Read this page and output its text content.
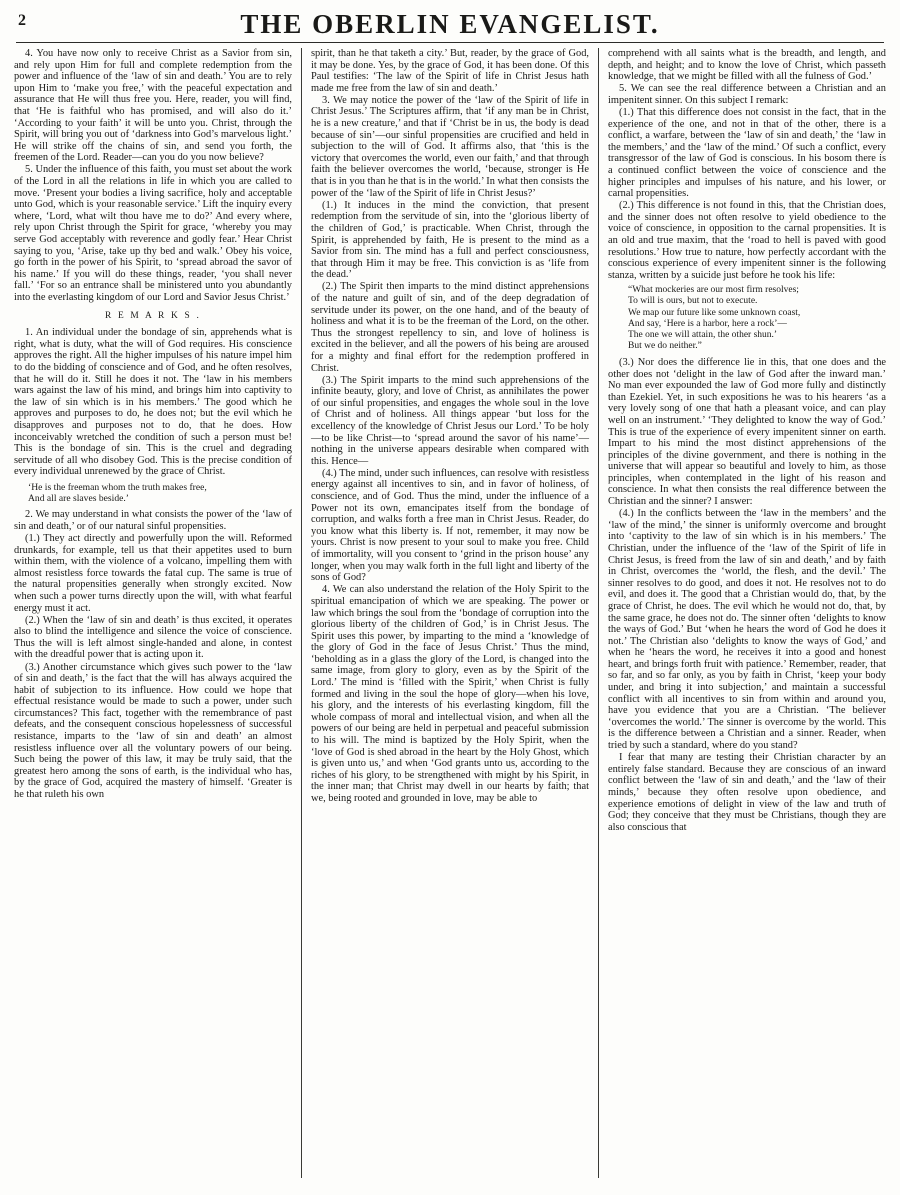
2	THE OBERLIN EVANGELIST.

4. You have now only to receive Christ as a Savior from sin, and rely upon Him for full and complete redemption from the power and influence of the ‘law of sin and death.’ You are to rely upon Him to ‘make you free,’ with the peaceful expectation and assurance that He will thus free you. Here, reader, you will find, that ‘He is faithful who has promised, and will also do it.’ ‘According to your faith’ it will be unto you. Christ, through the Spirit, will bring you out of ‘darkness into God’s marvelous light.’ He will strike off the chains of sin, and send you forth, the freemen of the Lord. Reader—can you do you now believe?

5. Under the influence of this faith, you must set about the work of the Lord in all the relations in life in which you are called to move. ‘Present your bodies a living sacrifice, holy and acceptable unto God, which is your reasonable service.’ Lift the inquiry every where, ‘Lord, what wilt thou have me to do?’ And every where, rely upon Christ through the Spirit for grace, ‘whereby you may serve God acceptably with reverence and godly fear.’ Hear Christ saying to you, ‘Arise, take up thy bed and walk.’ Obey his voice, go forth in the power of his Spirit, to ‘spread abroad the savor of his name.’ If you will do these things, reader, ‘you shall never fall.’ ‘For so an entrance shall be ministered unto you abundantly into the everlasting kingdom of our Lord and Savior Jesus Christ.’

R E M A R K S .

1. An individual under the bondage of sin, apprehends what is right, what is duty, what the will of God requires. His conscience approves the right. All the higher impulses of his nature impel him to do the bidding of conscience and of God, and he often resolves, that he will do it. Still he does it not. The ‘law in his members wars against the law of his mind, and brings him into captivity to the law of sin which is in his members.’ The good which he approves and purposes to do, he does not; but the evil which he disapproves and purposes not to do, that he does. How inconceivably wretched the condition of such a person must be! This is the bondage of sin. This is the cruel and degrading servitude of all who disobey God. This is the precise condition of every individual unrenewed by the grace of Christ.

‘He is the freeman whom the truth makes free,
And all are slaves beside.’

2. We may understand in what consists the power of the ‘law of sin and death,’ or of our natural sinful propensities.

(1.) They act directly and powerfully upon the will. Reformed drunkards, for example, tell us that their appetites used to burn within them, with the violence of a volcano, impelling them with almost resistless force towards the fatal cup. The same is true of the natural propensities generally when strongly excited. Now when such a power turns directly upon the will, with what fearful energy must it act.

(2.) When the ‘law of sin and death’ is thus excited, it operates also to blind the intelligence and silence the voice of conscience. Thus the will is left almost single-handed and alone, in contest with the dreadful power that is acting upon it.

(3.) Another circumstance which gives such power to the ‘law of sin and death,’ is the fact that the will has always acquired the habit of subjection to its influence. How could we hope that effectual resistance would be made to such a power, under such circumstances? This fact, together with the remembrance of past defeats, and the consequent conscious hopelessness of successful resistance, imparts to the ‘law of sin and death’ an almost resistless influence over all the voluntary powers of our being. Such being the power of this law, it may be truly said, that the greatest hero among the sons of earth, is the individual who has, by the grace of God, acquired the mastery of himself. ‘Greater is he that ruleth his own

spirit, than he that taketh a city.’ But, reader, by the grace of God, it may be done. Yes, by the grace of God, it has been done. Of this Paul testifies: ‘The law of the Spirit of life in Christ Jesus hath made me free from the law of sin and death.’

3. We may notice the power of the ‘law of the Spirit of life in Christ Jesus.’ The Scriptures affirm, that ‘if any man be in Christ, he is a new creature,’ and that if ‘Christ be in us, the body is dead because of sin’—our sinful propensities are crucified and held in subjection to the will of God. It affirms also, that ‘this is the victory that overcomes the world, even our faith,’ and that through faith the believer overcomes the world, ‘because, stronger is He that is in you than he that is in the world.’ In what then consists the power of the ‘law of the Spirit of life in Christ Jesus?’

(1.) It induces in the mind the conviction, that present redemption from the servitude of sin, into the ‘glorious liberty of the children of God,’ is practicable. When Christ, through the Spirit, is apprehended by faith, He is present to the mind as a Savior from sin. The mind has a full and perfect consciousness, that through Him it may be free. This conviction is as ‘life from the dead.’

(2.) The Spirit then imparts to the mind distinct apprehensions of the nature and guilt of sin, and of the deep degradation of servitude under its power, on the one hand, and of the beauty of holiness and what it is to be the freeman of the Lord, on the other. Thus the strongest repellency to sin, and love of holiness is excited in the believer, and all the powers of his being are aroused for a mighty and final effort for the redemption proffered in Christ.

(3.) The Spirit imparts to the mind such apprehensions of the infinite beauty, glory, and love of Christ, as annihilates the power of our sinful propensities, and engages the whole soul in the love of Christ and of holiness. All things appear ‘but loss for the excellency of the knowledge of Christ Jesus our Lord.’ To be holy—to be like Christ—to ‘spread around the savor of his name’—nothing in the universe appears desirable when compared with this. Hence—

(4.) The mind, under such influences, can resolve with resistless energy against all incentives to sin, and in favor of holiness, of conscience, and of God. Thus the mind, under the influence of a Power not its own, emancipates itself from the bondage of corruption, and walks forth a free man in Christ Jesus. Reader, do you know what this liberty is. If not, remember, it may now be yours. Christ is now present to your soul to make you free. Child of immortality, will you consent to ‘grind in the prison house’ any longer, when you may walk forth in the full light and liberty of the sons of God?

4. We can also understand the relation of the Holy Spirit to the spiritual emancipation of which we are speaking. The power or law which brings the soul from the ‘bondage of corruption into the glorious liberty of the children of God,’ is in Christ Jesus. The Spirit uses this power, by imparting to the mind a ‘knowledge of the glory of God in the face of Jesus Christ.’ Thus the mind, ‘beholding as in a glass the glory of the Lord, is changed into the same image, from glory to glory, even as by the Spirit of the Lord.’ The mind is ‘filled with the Spirit,’ when Christ is fully formed and living in the soul the hope of glory—when his love, his glory, and the interests of his everlasting kingdom, fill the whole compass of moral and intellectual vision, and when all the powers of our being are held in perpetual and peaceful submission to his will. The mind is baptized by the Holy Spirit, when the ‘love of God is shed abroad in the heart by the Holy Ghost, which is given unto us,’ and when ‘God grants unto us, according to the riches of his glory, to be strengthened with might by his Spirit, in the inner man; that Christ may dwell in our hearts by faith; that we, being rooted and grounded in love, may be able to

comprehend with all saints what is the breadth, and length, and depth, and height; and to know the love of Christ, which passeth knowledge, that we might be filled with all the fulness of God.’

5. We can see the real difference between a Christian and an impenitent sinner. On this subject I remark:

(1.) That this difference does not consist in the fact, that in the experience of the one, and not in that of the other, there is a conflict, a warfare, between the ‘law of sin and death,’ the ‘law in the members,’ and the ‘law of the mind.’ Of such a conflict, every transgressor of the law of God is conscious. In his bosom there is a continued conflict between the voice of conscience and the higher principles and impulses of his nature, and his lower, or carnal propensities.

(2.) This difference is not found in this, that the Christian does, and the sinner does not often resolve to yield obedience to the voice of conscience, in opposition to the carnal propensities. It is an old and true maxim, that the ‘road to hell is paved with good resolutions.’ How true to nature, how perfectly accordant with the conscious experience of every impenitent sinner is the following stanza, written by a suicide just before he took his life:

“What mockeries are our most firm resolves;
To will is ours, but not to execute.
We map our future like some unknown coast,
And say, ‘Here is a harbor, here a rock’—
The one we will attain, the other shun.’
But we do neither.”

(3.) Nor does the difference lie in this, that one does and the other does not ‘delight in the law of God after the inward man.’ No man ever expounded the law of God more fully and distinctly than Ezekiel. Yet, in such expositions he was to his hearers ‘as a very lovely song of one that hath a pleasant voice, and can play well on an instrument.’ ‘They delighted to know the way of God.’ This is true of the experience of every impenitent sinner on earth. Impart to his mind the most distinct apprehensions of the principles of the divine government, and there is nothing in the universe that will appear so beautiful and lovely to him, as those principles, when contemplated in the light of his reason and conscience. In what then consists the real difference between the Christian and the sinner? I answer:

(4.) In the conflicts between the ‘law in the members’ and the ‘law of the mind,’ the sinner is uniformly overcome and brought into ‘captivity to the law of sin which is in his members.’ The Christian, under the influence of the ‘law of the Spirit of life in Christ Jesus, is freed from the law of sin and death,’ and by faith in Christ, overcomes the ‘world, the flesh, and the devil.’ The sinner resolves to do good, and does it not. He resolves not to do evil, and does it. The good that a Christian would do, that, by the grace of Christ, he does. The evil which he would not do, that, by the same grace, he does not do. The sinner often ‘delights to know the ways of God.’ But ‘when he hears the word of God he does it not.’ The Christian also ‘delights to know the ways of God,’ and when he ‘hears the word, he receives it into a good and honest heart, and brings forth fruit with patience.’ Remember, reader, that so far, and so far only, as you by faith in Christ, ‘keep your body under, and bring it into subjection,’ and maintain a successful conflict with all incentives to sin from within and around you, have you evidence that you are a Christian. ‘The believer ‘overcomes the world.’ The sinner is overcome by the world. This is the difference between a Christian and a sinner. Reader, when tried by such a standard, where do you stand?

I fear that many are testing their Christian character by an entirely false standard. Because they are conscious of an inward conflict between the ‘law of sin and death,’ and the ‘law of their minds,’ because they often resolve upon obedience, and experience emotions of delight in view of the law and truth of God; they conceive that they must be Christians, though they are also conscious that
